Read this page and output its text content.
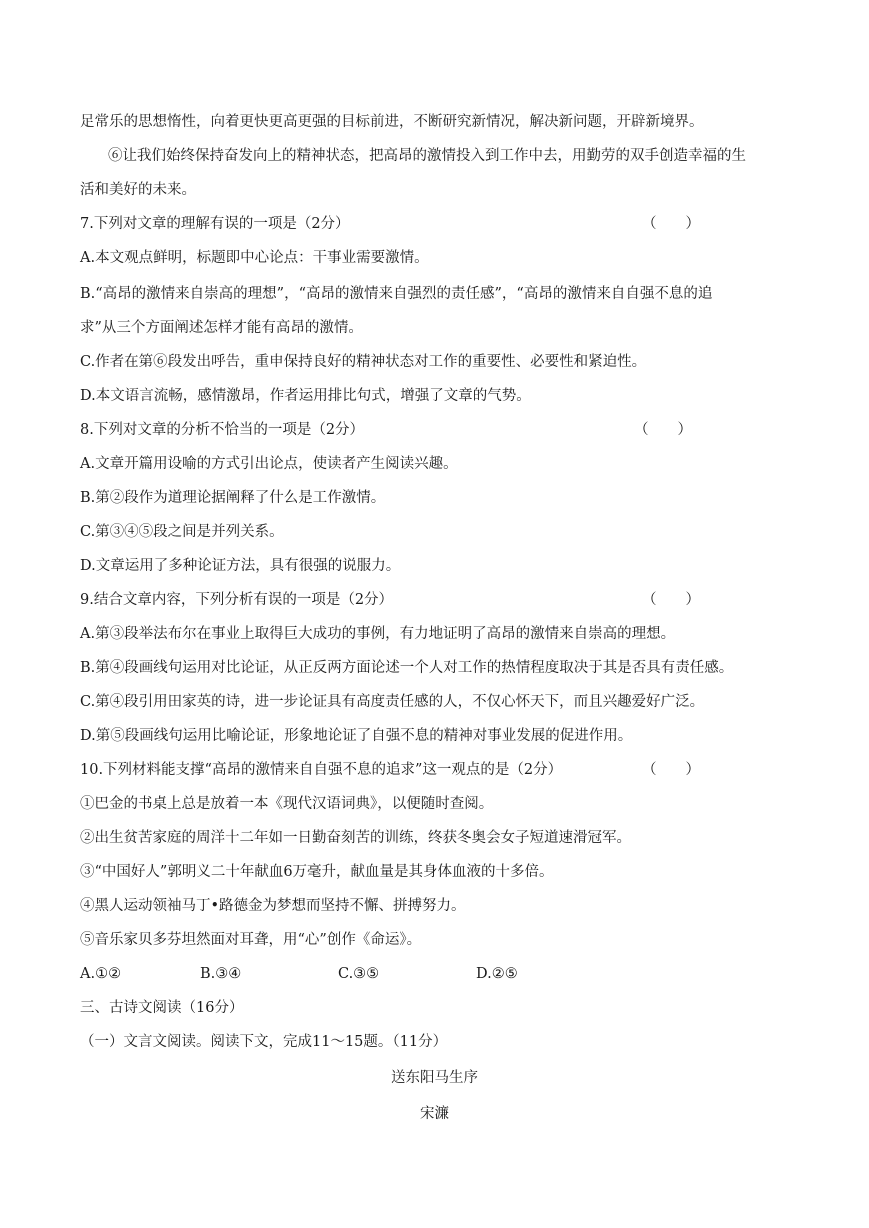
足常乐的思想惰性，向着更快更高更强的目标前进，不断研究新情况，解决新问题，开辟新境界。
⑥让我们始终保持奋发向上的精神状态，把高昂的激情投入到工作中去，用勤劳的双手创造幸福的生
活和美好的未来。
7.下列对文章的理解有误的一项是（2分）	（　　）
A.本文观点鲜明，标题即中心论点：干事业需要激情。
B.“高昂的激情来自崇高的理想”，“高昂的激情来自强烈的责任感”，“高昂的激情来自自强不息的追
求”从三个方面阐述怎样才能有高昂的激情。
C.作者在第⑥段发出呼告，重申保持良好的精神状态对工作的重要性、必要性和紧迫性。
D.本文语言流畅，感情激昂，作者运用排比句式，增强了文章的气势。
8.下列对文章的分析不恰当的一项是（2分）	（　　）
A.文章开篇用设喻的方式引出论点，使读者产生阅读兴趣。
B.第②段作为道理论据阐释了什么是工作激情。
C.第③④⑤段之间是并列关系。
D.文章运用了多种论证方法，具有很强的说服力。
9.结合文章内容，下列分析有误的一项是（2分）	（　　）
A.第③段举法布尔在事业上取得巨大成功的事例，有力地证明了高昂的激情来自崇高的理想。
B.第④段画线句运用对比论证，从正反两方面论述一个人对工作的热情程度取决于其是否具有责任感。
C.第④段引用田家英的诗，进一步论证具有高度责任感的人，不仅心怀天下，而且兴趣爱好广泛。
D.第⑤段画线句运用比喻论证，形象地论证了自强不息的精神对事业发展的促进作用。
10.下列材料能支撑“高昂的激情来自自强不息的追求”这一观点的是（2分）	（　　）
①巴金的书桌上总是放着一本《现代汉语词典》，以便随时查阅。
②出生贫苦家庭的周洋十二年如一日勤奋刻苦的训练，终获冬奥会女子短道速滑冠军。
③“中国好人”郭明义二十年献血6万毫升，献血量是其身体血液的十多倍。
④黑人运动领袖马丁•路德金为梦想而坚持不懈、拼搏努力。
⑤音乐家贝多芬坦然面对耳聋，用“心”创作《命运》。
A.①②	B.③④	C.③⑤	D.②⑤
三、古诗文阅读（16分）
（一）文言文阅读。阅读下文，完成11～15题。（11分）
送东阳马生序
宋濂
